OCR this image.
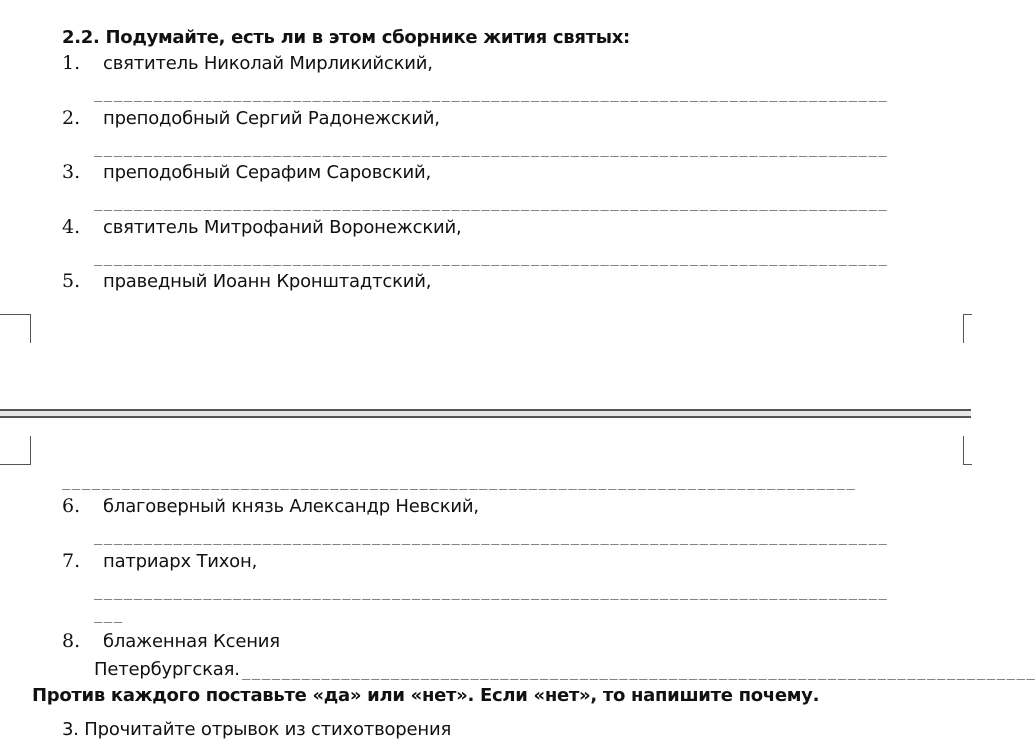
2.2. Подумайте, есть ли в этом сборнике жития святых:
1. святитель Николай Мирликийский,
________________________________________________________________________________
2. преподобный Сергий Радонежский,
________________________________________________________________________________
3. преподобный Серафим Саровский,
________________________________________________________________________________
4. святитель Митрофаний Воронежский,
________________________________________________________________________________
5. праведный Иоанн Кронштадтский,
________________________________________________________________________________
6. благоверный князь Александр Невский,
________________________________________________________________________________
7. патриарх Тихон,
________________________________________________________________________________
___
8. блаженная Ксения
Петербургская. ________________________________________________________________________________
Против каждого поставьте «да» или «нет». Если «нет», то напишите почему.
3. Прочитайте отрывок из стихотворения
